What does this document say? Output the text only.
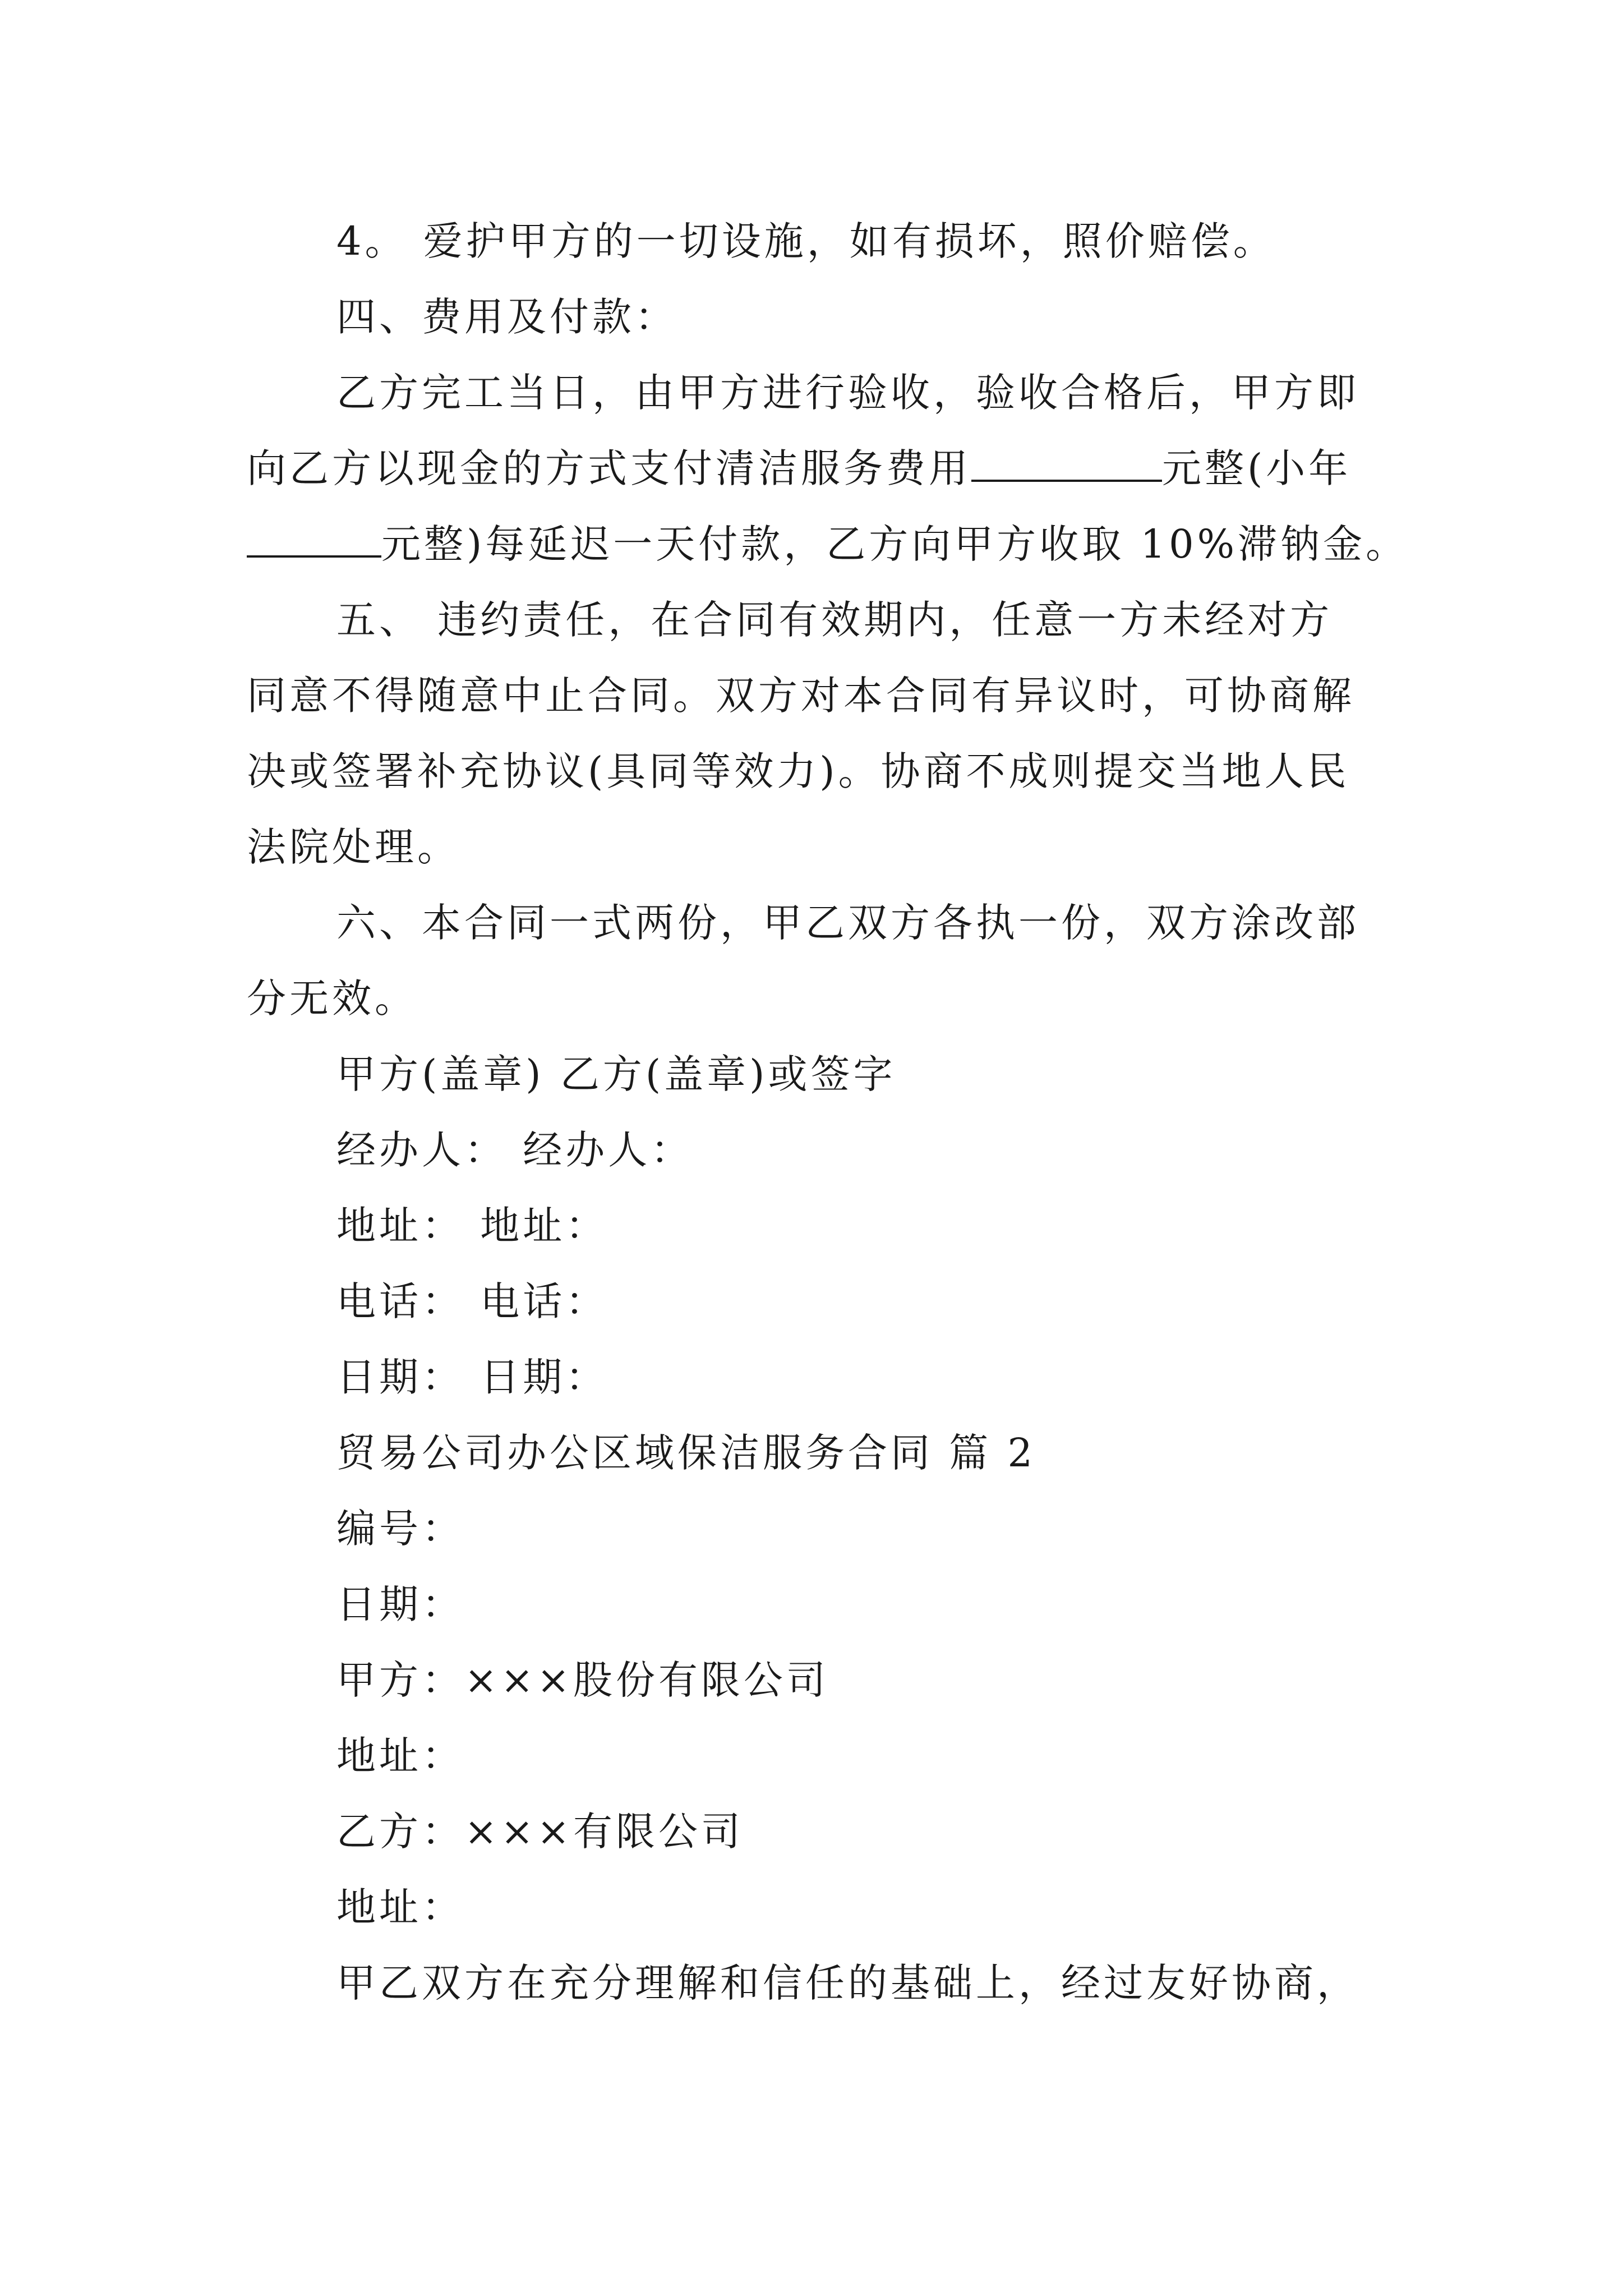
4。 爱护甲方的一切设施，如有损坏，照价赔偿。

四、费用及付款：

乙方完工当日，由甲方进行验收，验收合格后，甲方即

向乙方以现金的方式支付清洁服务费用	元整(小年

元整)每延迟一天付款，乙方向甲方收取 10%滞钠金。

五、 违约责任，在合同有效期内，任意一方未经对方

同意不得随意中止合同。双方对本合同有异议时，可协商解

决或签署补充协议(具同等效力)。协商不成则提交当地人民

法院处理。

六、本合同一式两份，甲乙双方各执一份，双方涂改部

分无效。

甲方(盖章) 乙方(盖章)或签字

经办人： 经办人：

地址： 地址：

电话： 电话：

日期： 日期：

贸易公司办公区域保洁服务合同 篇 2

编号：

日期：

甲方：×××股份有限公司

地址：

乙方：×××有限公司

地址：

甲乙双方在充分理解和信任的基础上，经过友好协商，
